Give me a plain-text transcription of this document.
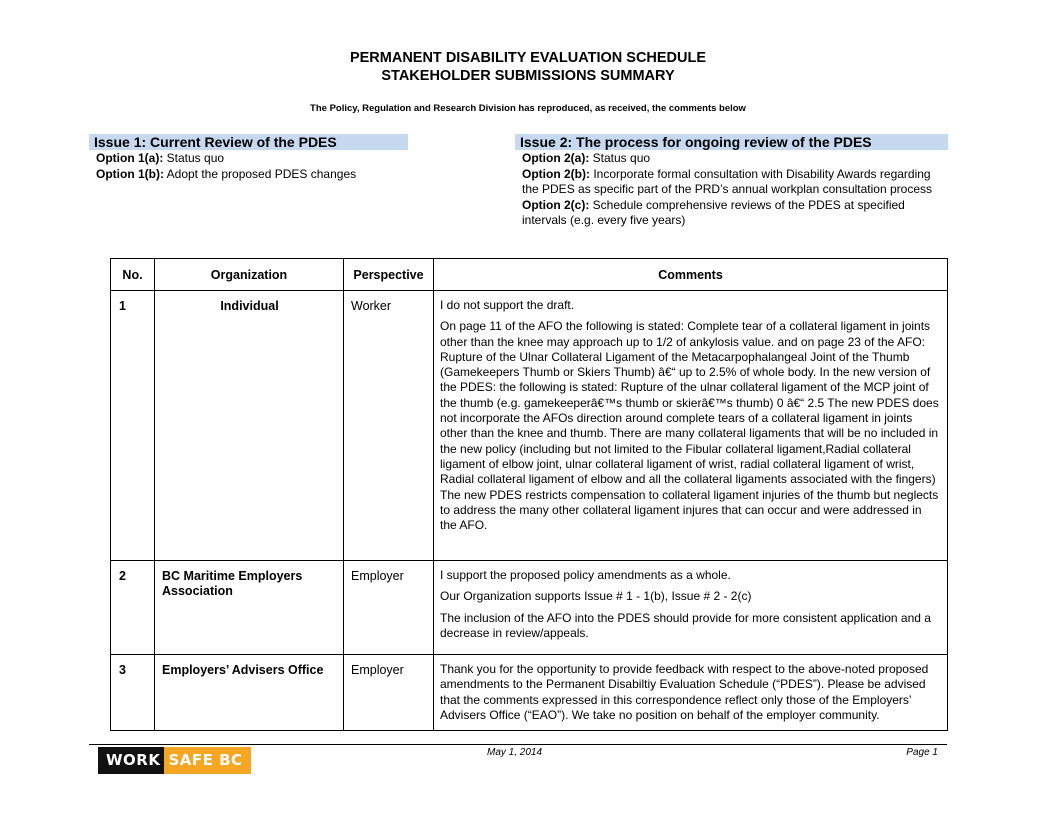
PERMANENT DISABILITY EVALUATION SCHEDULE
STAKEHOLDER SUBMISSIONS SUMMARY
The Policy, Regulation and Research Division has reproduced, as received, the comments below
Issue 1: Current Review of the PDES	Issue 2: The process for ongoing review of the PDES

Option 1(a): Status quo

Option 1(b): Adopt the proposed PDES changes

Option 2(a): Status quo

Option 2(b): Incorporate formal consultation with Disability Awards regarding the PDES as specific part of the PRD’s annual workplan consultation process

Option 2(c): Schedule comprehensive reviews of the PDES at specified intervals (e.g. every five years)

No.	Organization	Perspective	Comments
1	Individual	Worker	I do not support the draft.

On page 11 of the AFO the following is stated: Complete tear of a collateral ligament in joints other than the knee may approach up to 1/2 of ankylosis value. and on page 23 of the AFO: Rupture of the Ulnar Collateral Ligament of the Metacarpophalangeal Joint of the Thumb (Gamekeepers Thumb or Skiers Thumb) â€“ up to 2.5% of whole body. In the new version of the PDES: the following is stated: Rupture of the ulnar collateral ligament of the MCP joint of the thumb (e.g. gamekeeperâ€™s thumb or skierâ€™s thumb) 0 â€“ 2.5 The new PDES does not incorporate the AFOs direction around complete tears of a collateral ligament in joints other than the knee and thumb. There are many collateral ligaments that will be no included in the new policy (including but not limited to the Fibular collateral ligament,Radial collateral ligament of elbow joint, ulnar collateral ligament of wrist, radial collateral ligament of wrist, Radial collateral ligament of elbow and all the collateral ligaments associated with the fingers) The new PDES restricts compensation to collateral ligament injuries of the thumb but neglects to address the many other collateral ligament injures that can occur and were addressed in the AFO.

2	BC Maritime Employers Association	Employer	I support the proposed policy amendments as a whole.

Our Organization supports Issue # 1 - 1(b), Issue # 2 - 2(c)

The inclusion of the AFO into the PDES should provide for more consistent application and a decrease in review/appeals.

3	Employers’ Advisers Office	Employer	Thank you for the opportunity to provide feedback with respect to the above-noted proposed amendments to the Permanent Disabiltiy Evaluation Schedule (“PDES”). Please be advised that the comments expressed in this correspondence reflect only those of the Employers’ Advisers Office (“EAO”). We take no position on behalf of the employer community.

WORK SAFE BC	May 1, 2014	Page 1
